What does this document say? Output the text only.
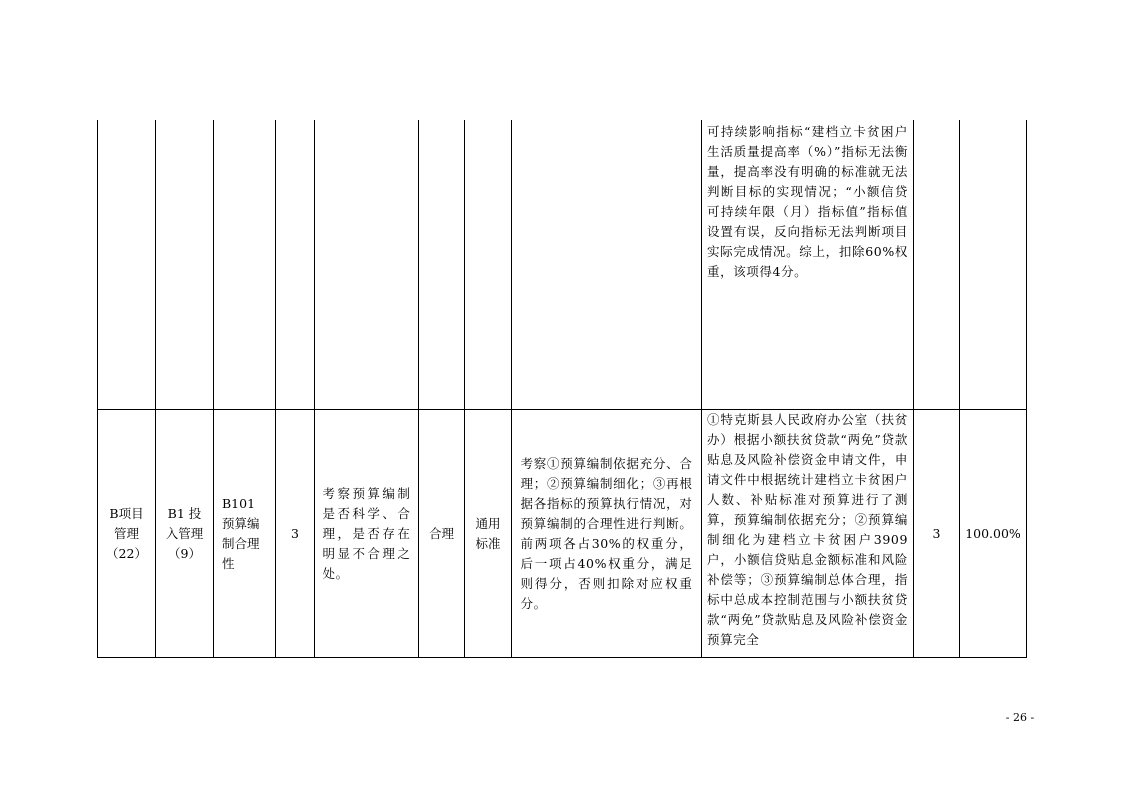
可持续影响指标“建档立卡贫困户生活质量提高率（%）”指标无法衡量，提高率没有明确的标准就无法判断目标的实现情况；“小额信贷可持续年限（月）指标值”指标值设置有误，反向指标无法判断项目实际完成情况。综上，扣除60%权重，该项得4分。
B项目
管理
（22）
B1 投
入管理
（9）
B101
预算编
制合理
性
3
考察预算编制是否科学、合理，是否存在明显不合理之处。
合理
通用
标准
考察①预算编制依据充分、合理；②预算编制细化；③再根据各指标的预算执行情况，对预算编制的合理性进行判断。前两项各占30%的权重分，后一项占40%权重分，满足则得分，否则扣除对应权重分。
①特克斯县人民政府办公室（扶贫办）根据小额扶贫贷款“两免”贷款贴息及风险补偿资金申请文件，申请文件中根据统计建档立卡贫困户人数、补贴标准对预算进行了测算，预算编制依据充分；②预算编制细化为建档立卡贫困户3909户，小额信贷贴息金额标准和风险补偿等；③预算编制总体合理，指标中总成本控制范围与小额扶贫贷款“两免”贷款贴息及风险补偿资金预算完全
3	100.00%
- 26 -
